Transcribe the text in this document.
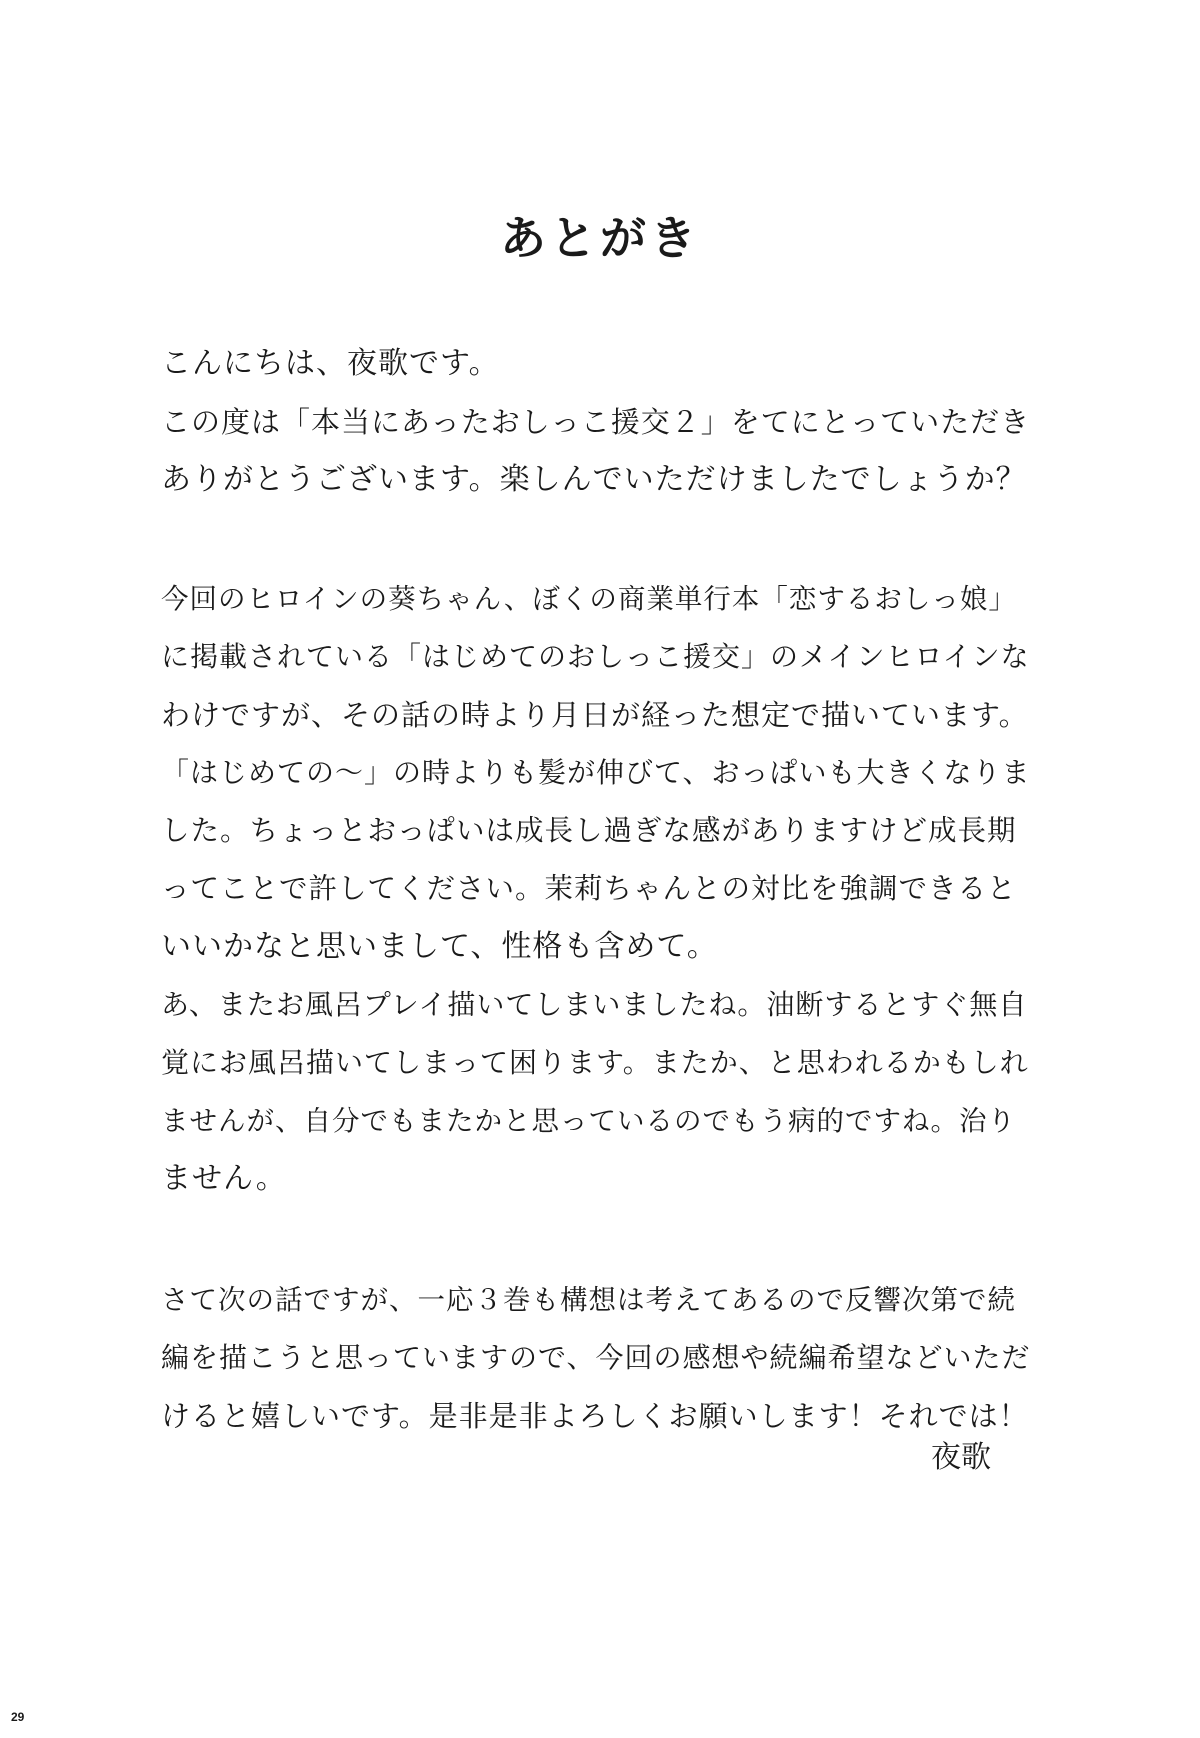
あとがき
こんにちは、夜歌です。
この度は「本当にあったおしっこ援交２」をてにとっていただき
ありがとうございます。楽しんでいただけましたでしょうか？
今回のヒロインの葵ちゃん、ぼくの商業単行本「恋するおしっ娘」
に掲載されている「はじめてのおしっこ援交」のメインヒロインな
わけですが、その話の時より月日が経った想定で描いています。
「はじめての～」の時よりも髪が伸びて、おっぱいも大きくなりま
した。ちょっとおっぱいは成長し過ぎな感がありますけど成長期
ってことで許してください。茉莉ちゃんとの対比を強調できると
いいかなと思いまして、性格も含めて。
あ、またお風呂プレイ描いてしまいましたね。油断するとすぐ無自
覚にお風呂描いてしまって困ります。またか、と思われるかもしれ
ませんが、自分でもまたかと思っているのでもう病的ですね。治り
ません。
さて次の話ですが、一応３巻も構想は考えてあるので反響次第で続
編を描こうと思っていますので、今回の感想や続編希望などいただ
けると嬉しいです。是非是非よろしくお願いします！それでは！
夜歌
29
